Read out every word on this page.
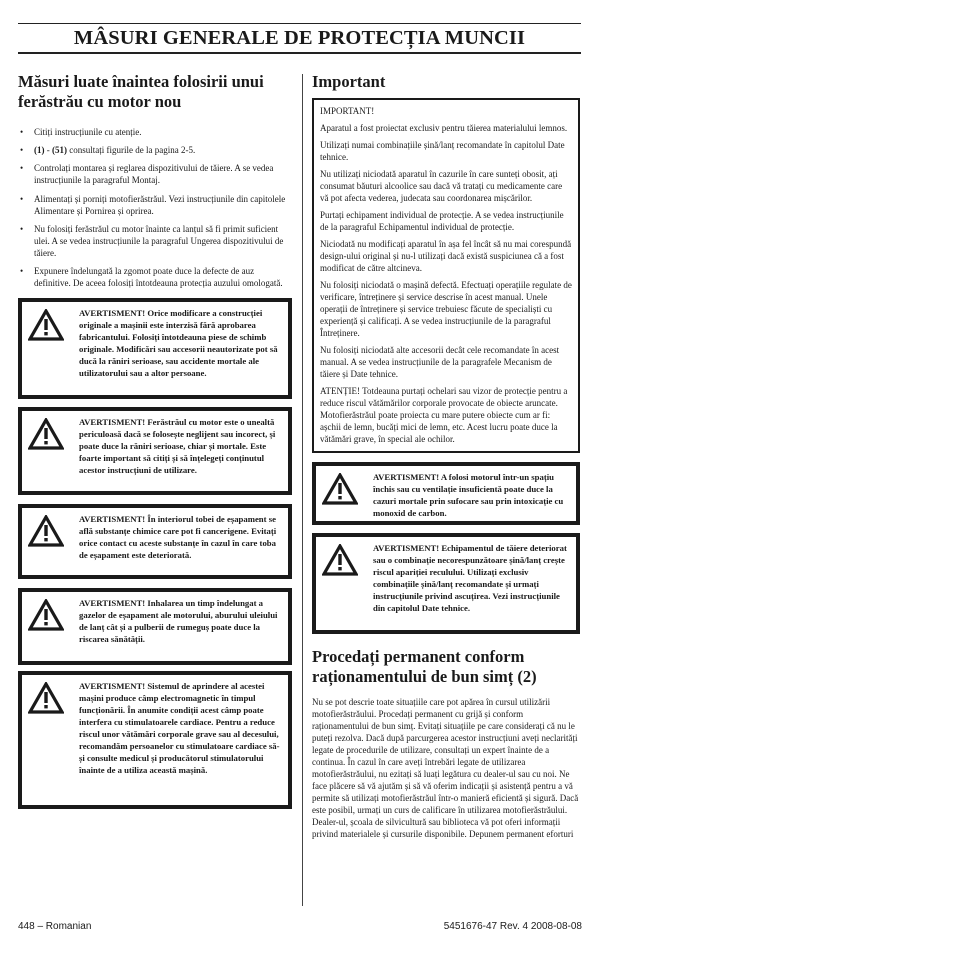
MÂSURI GENERALE DE PROTECȚIA MUNCII
Măsuri luate înaintea folosirii unui ferăstrău cu motor nou
• Citiți instrucțiunile cu atenție.
• (1) - (51) consultați figurile de la pagina 2-5.
• Controlați montarea și reglarea dispozitivului de tăiere. A se vedea instrucțiunile la paragraful Montaj.
• Alimentați și porniți motofierăstrăul. Vezi instrucțiunile din capitolele Alimentare și Pornirea și oprirea.
• Nu folosiți ferăstrăul cu motor înainte ca lanțul să fi primit suficient ulei. A se vedea instrucțiunile la paragraful Ungerea dispozitivului de tăiere.
• Expunere îndelungată la zgomot poate duce la defecte de auz definitive. De aceea folosiți întotdeauna protecția auzului omologată.
AVERTISMENT! Orice modificare a construcției originale a mașinii este interzisă fără aprobarea fabricantului. Folosiți întotdeauna piese de schimb originale. Modificări sau accesorii neautorizate pot să ducă la răniri serioase, sau accidente mortale ale utilizatorului sau a altor persoane.
AVERTISMENT! Ferăstrăul cu motor este o unealtă periculoasă dacă se folosește neglijent sau incorect, și poate duce la răniri serioase, chiar și mortale. Este foarte important să citiți și să înțelegeți conținutul acestor instrucțiuni de utilizare.
AVERTISMENT! În interiorul tobei de eșapament se află substanțe chimice care pot fi cancerigene. Evitați orice contact cu aceste substanțe în cazul în care toba de eșapament este deteriorată.
AVERTISMENT! Inhalarea un timp îndelungat a gazelor de eșapament ale motorului, aburului uleiului de lanț cât și a pulberii de rumeguș poate duce la riscarea sănătății.
AVERTISMENT! Sistemul de aprindere al acestei mașini produce câmp electromagnetic în timpul funcționării. În anumite condiții acest câmp poate interfera cu stimulatoarele cardiace. Pentru a reduce riscul unor vătămări corporale grave sau al decesului, recomandăm persoanelor cu stimulatoare cardiace să-și consulte medicul și producătorul stimulatorului înainte de a utiliza această mașină.
Important

IMPORTANT!

Aparatul a fost proiectat exclusiv pentru tăierea materialului lemnos.

Utilizați numai combinațiile șină/lanț recomandate în capitolul Date tehnice.

Nu utilizați niciodată aparatul în cazurile în care sunteți obosit, ați consumat băuturi alcoolice sau dacă vă tratați cu medicamente care vă pot afecta vederea, judecata sau coordonarea mișcărilor.

Purtați echipament individual de protecție. A se vedea instrucțiunile de la paragraful Echipamentul individual de protecție.

Niciodată nu modificați aparatul în așa fel încât să nu mai corespundă design-ului original și nu-l utilizați dacă există suspiciunea că a fost modificat de către altcineva.

Nu folosiți niciodată o mașină defectă. Efectuați operațiile regulate de verificare, întreținere și service descrise în acest manual. Unele operații de întreținere și service trebuiesc făcute de specialiști cu experiență și calificați. A se vedea instrucțiunile de la paragraful Întreținere.

Nu folosiți niciodată alte accesorii decât cele recomandate în acest manual. A se vedea instrucțiunile de la paragrafele Mecanism de tăiere și Date tehnice.

ATENȚIE! Totdeauna purtați ochelari sau vizor de protecție pentru a reduce riscul vătămărilor corporale provocate de obiecte aruncate. Motofierăstrăul poate proiecta cu mare putere obiecte cum ar fi: așchii de lemn, bucăți mici de lemn, etc. Acest lucru poate duce la vătămări grave, în special ale ochilor.

AVERTISMENT! A folosi motorul într-un spațiu închis sau cu ventilație insuficientă poate duce la cazuri mortale prin sufocare sau prin intoxicație cu monoxid de carbon.
AVERTISMENT! Echipamentul de tăiere deteriorat sau o combinație necorespunzătoare șină/lanț crește riscul apariției reculului. Utilizați exclusiv combinațiile șină/lanț recomandate și urmați instrucțiunile privind ascuțirea. Vezi instrucțiunile din capitolul Date tehnice.
Procedați permanent conform raționamentului de bun simț (2)

Nu se pot descrie toate situațiile care pot apărea în cursul utilizării motofierăstrăului. Procedați permanent cu grijă și conform raționamentului de bun simț. Evitați situațiile pe care considerați că nu le puteți rezolva. Dacă după parcurgerea acestor instrucțiuni aveți neclarități legate de procedurile de utilizare, consultați un expert înainte de a continua. În cazul în care aveți întrebări legate de utilizarea motofierăstrăului, nu ezitați să luați legătura cu dealer-ul sau cu noi. Ne face plăcere să vă ajutăm și să vă oferim indicații și asistență pentru a vă permite să utilizați motofierăstrăul într-o manieră eficientă și sigură. Dacă este posibil, urmați un curs de calificare în utilizarea motofierăstrăului. Dealer-ul, școala de silvicultură sau biblioteca vă pot oferi informații privind materialele și cursurile disponibile. Depunem permanent eforturi

448 – Romanian	5451676-47 Rev. 4 2008-08-08
